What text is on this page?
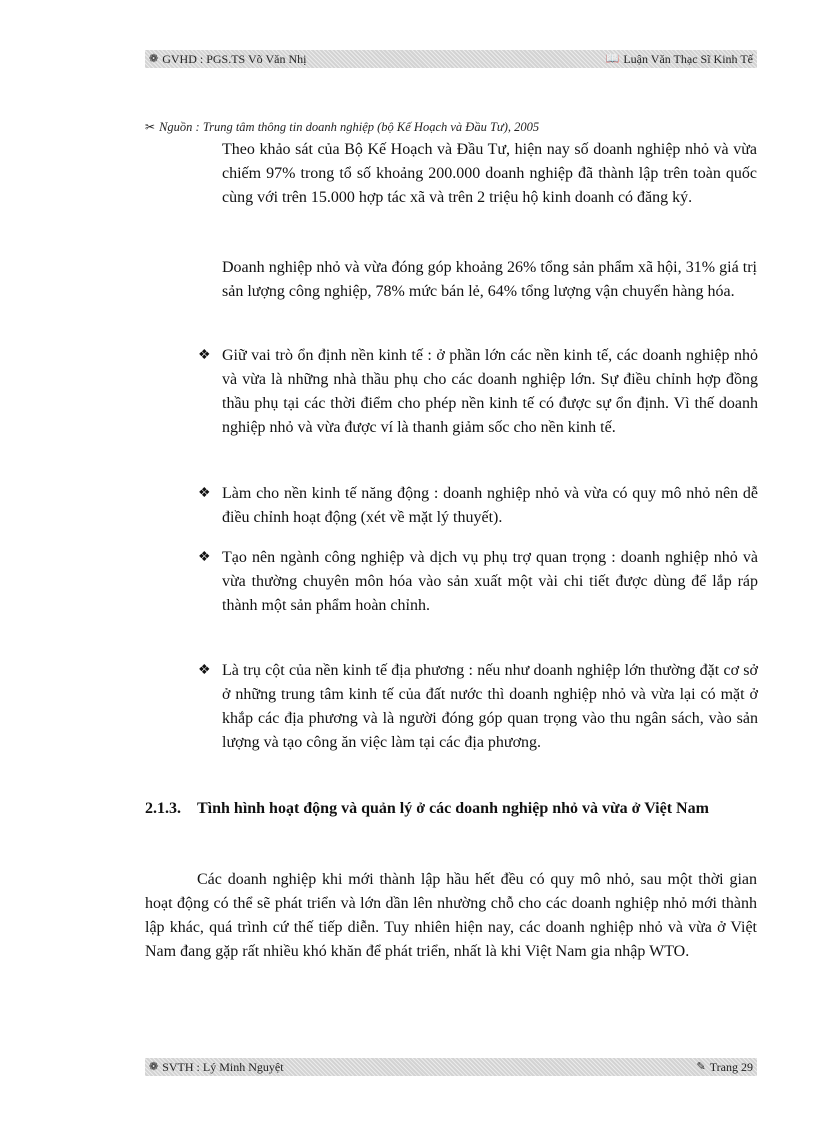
❁ GVHD : PGS.TS Võ Văn Nhị	📖 Luận Văn Thạc Sĩ Kinh Tế
✂ Nguồn : Trung tâm thông tin doanh nghiệp (bộ Kế Hoạch và Đầu Tư), 2005

Theo khảo sát của Bộ Kế Hoạch và Đầu Tư, hiện nay số doanh nghiệp nhỏ và vừa chiếm 97% trong tổ số khoảng 200.000 doanh nghiệp đã thành lập trên toàn quốc cùng với trên 15.000 hợp tác xã và trên 2 triệu hộ kinh doanh có đăng ký.

Doanh nghiệp nhỏ và vừa đóng góp khoảng 26% tổng sản phẩm xã hội, 31% giá trị sản lượng công nghiệp, 78% mức bán lẻ, 64% tổng lượng vận chuyển hàng hóa.

❖ Giữ vai trò ổn định nền kinh tế : ở phần lớn các nền kinh tế, các doanh nghiệp nhỏ và vừa là những nhà thầu phụ cho các doanh nghiệp lớn. Sự điều chỉnh hợp đồng thầu phụ tại các thời điểm cho phép nền kinh tế có được sự ổn định. Vì thế doanh nghiệp nhỏ và vừa được ví là thanh giảm sốc cho nền kinh tế.
❖ Làm cho nền kinh tế năng động : doanh nghiệp nhỏ và vừa có quy mô nhỏ nên dễ điều chỉnh hoạt động (xét về mặt lý thuyết).
❖ Tạo nên ngành công nghiệp và dịch vụ phụ trợ quan trọng : doanh nghiệp nhỏ và vừa thường chuyên môn hóa vào sản xuất một vài chi tiết được dùng để lắp ráp thành một sản phẩm hoàn chỉnh.
❖ Là trụ cột của nền kinh tế địa phương : nếu như doanh nghiệp lớn thường đặt cơ sở ở những trung tâm kinh tế của đất nước thì doanh nghiệp nhỏ và vừa lại có mặt ở khắp các địa phương và là người đóng góp quan trọng vào thu ngân sách, vào sản lượng và tạo công ăn việc làm tại các địa phương.
2.1.3. Tình hình hoạt động và quản lý ở các doanh nghiệp nhỏ và vừa ở Việt Nam

Các doanh nghiệp khi mới thành lập hầu hết đều có quy mô nhỏ, sau một thời gian hoạt động có thể sẽ phát triển và lớn dần lên nhường chỗ cho các doanh nghiệp nhỏ mới thành lập khác, quá trình cứ thế tiếp diễn. Tuy nhiên hiện nay, các doanh nghiệp nhỏ và vừa ở Việt Nam đang gặp rất nhiều khó khăn để phát triển, nhất là khi Việt Nam gia nhập WTO.

❁ SVTH : Lý Minh Nguyệt	✎ Trang 29
